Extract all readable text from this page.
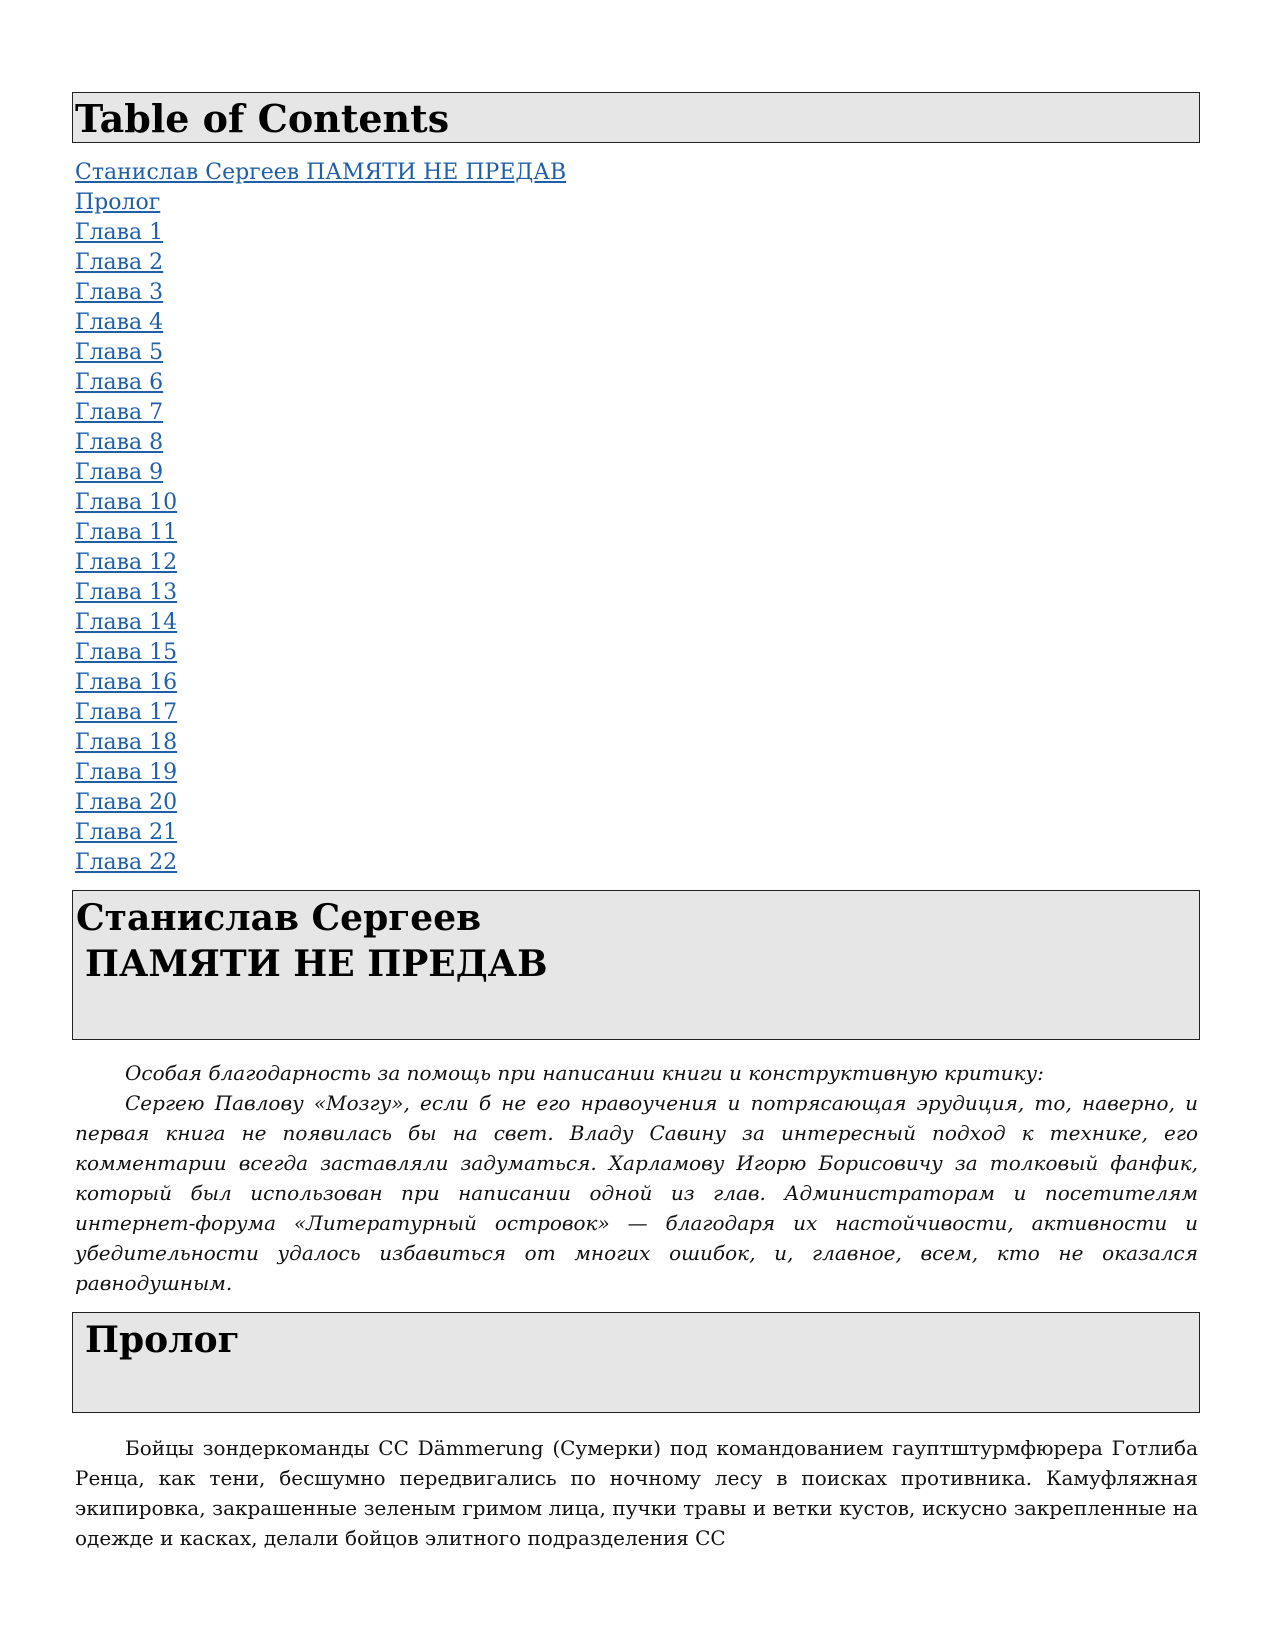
Table of Contents
Станислав Сергеев ПАМЯТИ НЕ ПРЕДАВ
Пролог
Глава 1
Глава 2
Глава 3
Глава 4
Глава 5
Глава 6
Глава 7
Глава 8
Глава 9
Глава 10
Глава 11
Глава 12
Глава 13
Глава 14
Глава 15
Глава 16
Глава 17
Глава 18
Глава 19
Глава 20
Глава 21
Глава 22
Станислав Сергеев
ПАМЯТИ НЕ ПРЕДАВ

Особая благодарность за помощь при написании книги и конструктивную критику:

Сергею Павлову «Мозгу», если б не его нравоучения и потрясающая эрудиция, то, наверно, и первая книга не появилась бы на свет. Владу Савину за интересный подход к технике, его комментарии всегда заставляли задуматься. Харламову Игорю Борисовичу за толковый фанфик, который был использован при написании одной из глав. Администраторам и посетителям интернет-форума «Литературный островок» — благодаря их настойчивости, активности и убедительности удалось избавиться от многих ошибок, и, главное, всем, кто не оказался равнодушным.

Пролог

Бойцы зондеркоманды СС Dämmerung (Сумерки) под командованием гауптштурмфюрера Готлиба Ренца, как тени, бесшумно передвигались по ночному лесу в поисках противника. Камуфляжная экипировка, закрашенные зеленым гримом лица, пучки травы и ветки кустов, искусно закрепленные на одежде и касках, делали бойцов элитного подразделения СС
